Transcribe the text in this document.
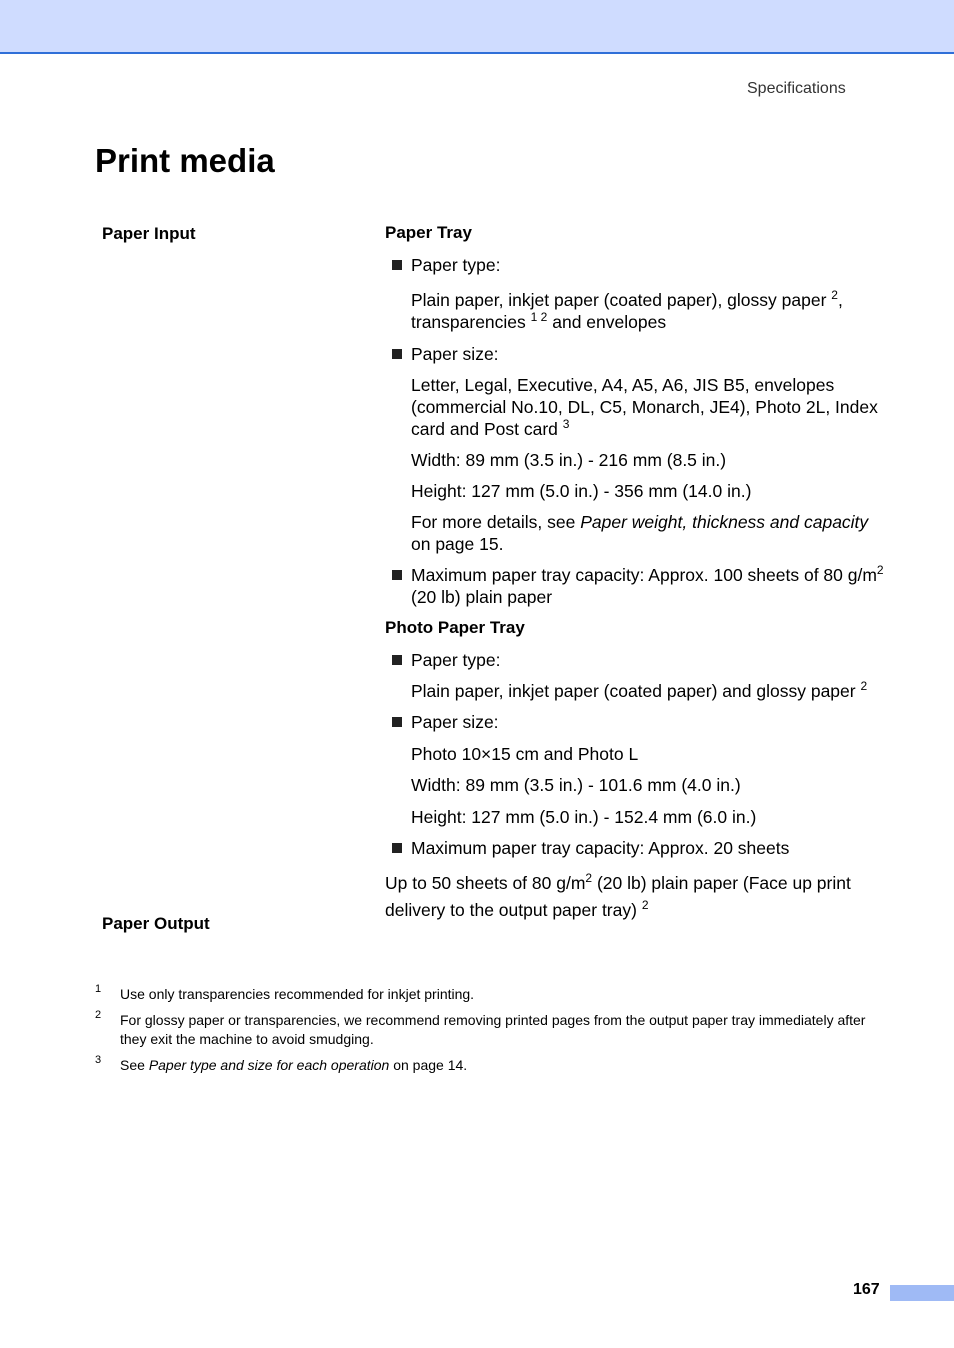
Specifications
Print media
Paper Input
Paper Output

Paper Tray

Paper type:

Plain paper, inkjet paper (coated paper), glossy paper $^2$, transparencies $^{1 2}$ and envelopes

Paper size:

Letter, Legal, Executive, A4, A5, A6, JIS B5, envelopes (commercial No.10, DL, C5, Monarch, JE4), Photo 2L, Index card and Post card $^3$

Width: 89 mm (3.5 in.) - 216 mm (8.5 in.)

Height: 127 mm (5.0 in.) - 356 mm (14.0 in.)

For more details, see Paper weight, thickness and capacity on page 15.

Maximum paper tray capacity: Approx. 100 sheets of 80 $g/m^2$ (20 lb) plain paper

Photo Paper Tray

Paper type:

Plain paper, inkjet paper (coated paper) and glossy paper $^2$

Paper size:

Photo 10×15 cm and Photo L

Width: 89 mm (3.5 in.) - 101.6 mm (4.0 in.)

Height: 127 mm (5.0 in.) - 152.4 mm (6.0 in.)

Maximum paper tray capacity: Approx. 20 sheets

Up to 50 sheets of 80 $g/m^2$ (20 lb) plain paper (Face up print delivery to the output paper tray) $^2$

1 Use only transparencies recommended for inkjet printing.

2 For glossy paper or transparencies, we recommend removing printed pages from the output paper tray immediately after they exit the machine to avoid smudging.

3 See Paper type and size for each operation on page 14.

167
